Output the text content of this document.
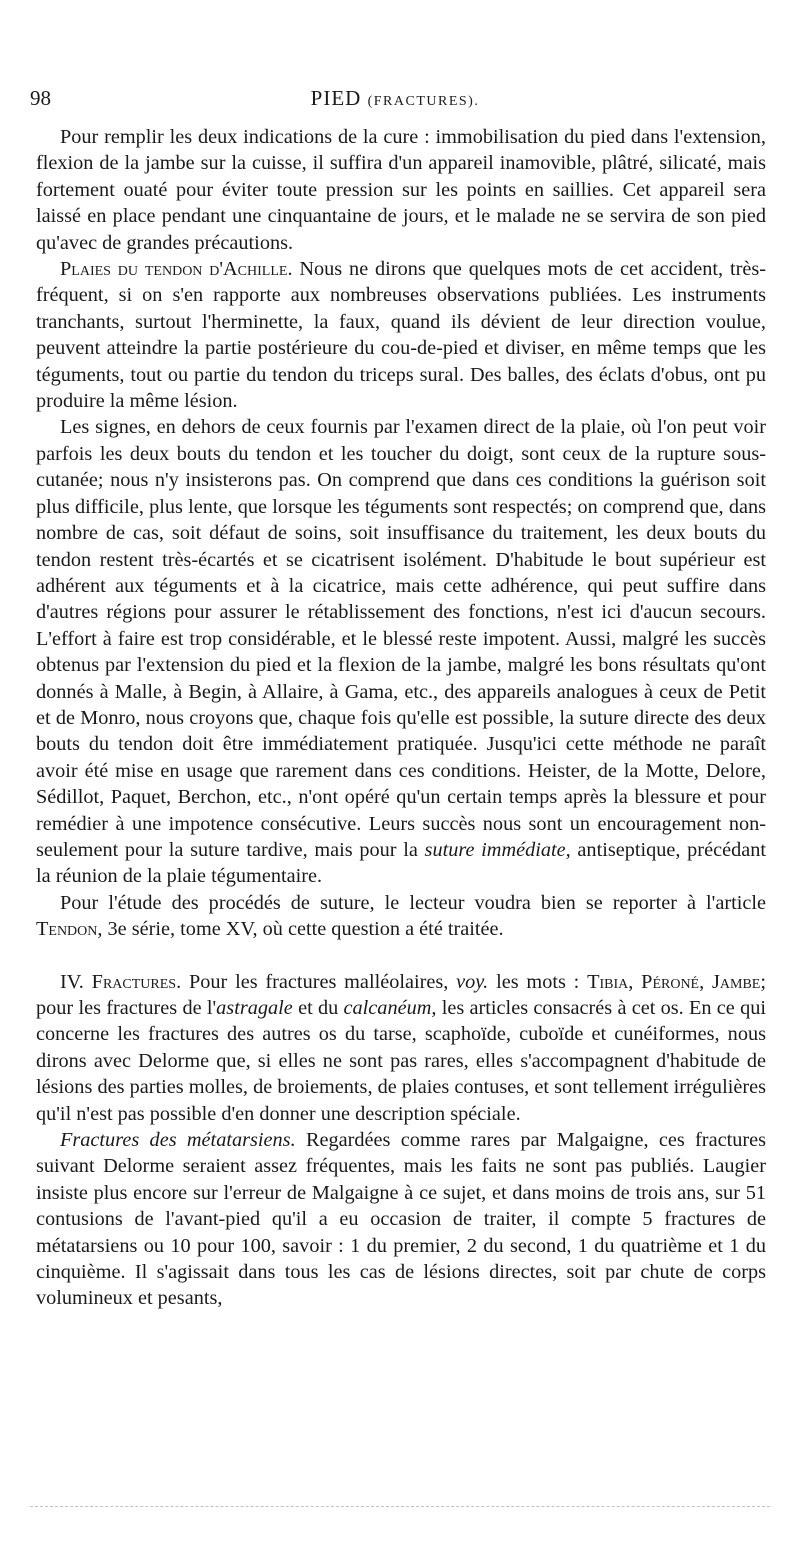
98	PIED (FRACTURES).

Pour remplir les deux indications de la cure : immobilisation du pied dans l'extension, flexion de la jambe sur la cuisse, il suffira d'un appareil inamovible, plâtré, silicaté, mais fortement ouaté pour éviter toute pression sur les points en saillies. Cet appareil sera laissé en place pendant une cinquantaine de jours, et le malade ne se servira de son pied qu'avec de grandes précautions.

Plaies du tendon d'Achille. Nous ne dirons que quelques mots de cet accident, très-fréquent, si on s'en rapporte aux nombreuses observations publiées. Les instruments tranchants, surtout l'herminette, la faux, quand ils dévient de leur direction voulue, peuvent atteindre la partie postérieure du cou-de-pied et diviser, en même temps que les téguments, tout ou partie du tendon du triceps sural. Des balles, des éclats d'obus, ont pu produire la même lésion.

Les signes, en dehors de ceux fournis par l'examen direct de la plaie, où l'on peut voir parfois les deux bouts du tendon et les toucher du doigt, sont ceux de la rupture sous-cutanée; nous n'y insisterons pas. On comprend que dans ces conditions la guérison soit plus difficile, plus lente, que lorsque les téguments sont respectés; on comprend que, dans nombre de cas, soit défaut de soins, soit insuffisance du traitement, les deux bouts du tendon restent très-écartés et se cicatrisent isolément. D'habitude le bout supérieur est adhérent aux téguments et à la cicatrice, mais cette adhérence, qui peut suffire dans d'autres régions pour assurer le rétablissement des fonctions, n'est ici d'aucun secours. L'effort à faire est trop considérable, et le blessé reste impotent. Aussi, malgré les succès obtenus par l'extension du pied et la flexion de la jambe, malgré les bons résultats qu'ont donnés à Malle, à Begin, à Allaire, à Gama, etc., des appareils analogues à ceux de Petit et de Monro, nous croyons que, chaque fois qu'elle est possible, la suture directe des deux bouts du tendon doit être immédiatement pratiquée. Jusqu'ici cette méthode ne paraît avoir été mise en usage que rarement dans ces conditions. Heister, de la Motte, Delore, Sédillot, Paquet, Berchon, etc., n'ont opéré qu'un certain temps après la blessure et pour remédier à une impotence consécutive. Leurs succès nous sont un encouragement non-seulement pour la suture tardive, mais pour la suture immédiate, antiseptique, précédant la réunion de la plaie tégumentaire.

Pour l'étude des procédés de suture, le lecteur voudra bien se reporter à l'article Tendon, 3e série, tome XV, où cette question a été traitée.

IV. Fractures. Pour les fractures malléolaires, voy. les mots : Tibia, Péroné, Jambe; pour les fractures de l'astragale et du calcanéum, les articles consacrés à cet os. En ce qui concerne les fractures des autres os du tarse, scaphoïde, cuboïde et cunéiformes, nous dirons avec Delorme que, si elles ne sont pas rares, elles s'accompagnent d'habitude de lésions des parties molles, de broiements, de plaies contuses, et sont tellement irrégulières qu'il n'est pas possible d'en donner une description spéciale.

Fractures des métatarsiens. Regardées comme rares par Malgaigne, ces fractures suivant Delorme seraient assez fréquentes, mais les faits ne sont pas publiés. Laugier insiste plus encore sur l'erreur de Malgaigne à ce sujet, et dans moins de trois ans, sur 51 contusions de l'avant-pied qu'il a eu occasion de traiter, il compte 5 fractures de métatarsiens ou 10 pour 100, savoir : 1 du premier, 2 du second, 1 du quatrième et 1 du cinquième. Il s'agissait dans tous les cas de lésions directes, soit par chute de corps volumineux et pesants,
